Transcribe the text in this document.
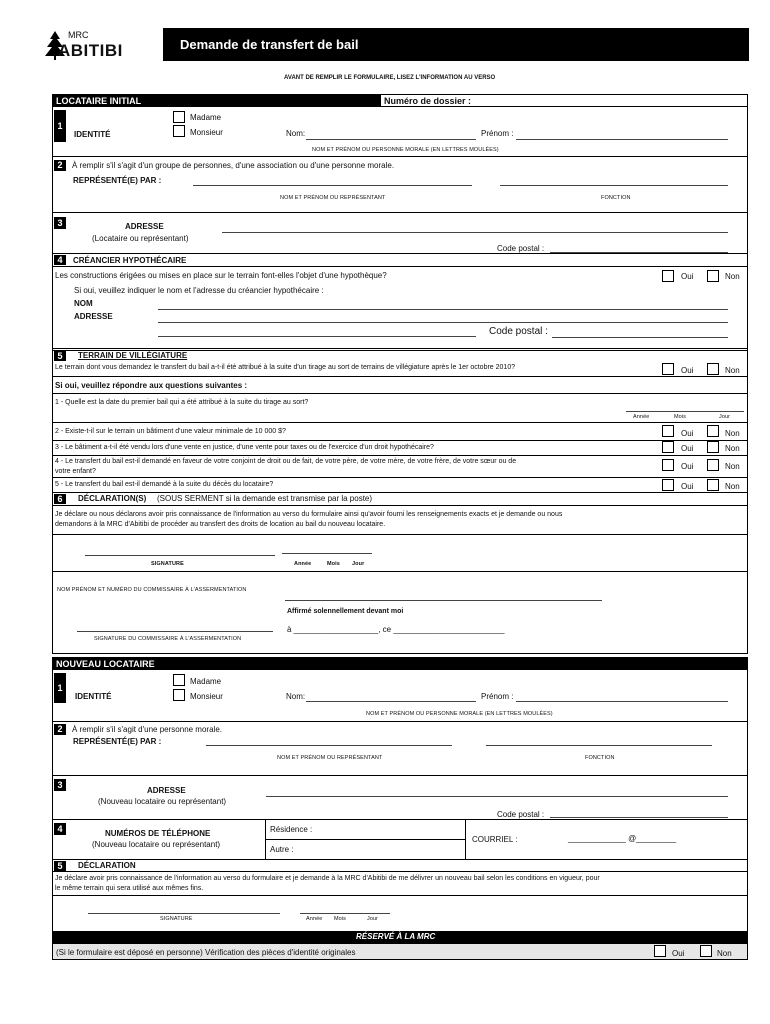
MRC
ABITIBI	Demande de transfert de bail
AVANT DE REMPLIR LE FORMULAIRE, LISEZ L'INFORMATION AU VERSO
LOCATAIRE INITIAL	Numéro de dossier :
1
IDENTITÉ
Madame
Monsieur	Nom:	Prénom :
NOM ET PRÉNOM OU PERSONNE MORALE (EN LETTRES MOULÉES)
2	À remplir s'il s'agit d'un groupe de personnes, d'une association ou d'une personne morale.
REPRÉSENTÉ(E) PAR :
NOM ET PRÉNOM OU REPRÉSENTANT	FONCTION
3	ADRESSE
(Locataire ou représentant)
Code postal :
4	CRÉANCIER HYPOTHÉCAIRE
Les constructions érigées ou mises en place sur le terrain font-elles l'objet d'une hypothèque?	Oui	Non
Si oui, veuillez indiquer le nom et l'adresse du créancier hypothécaire :
NOM
ADRESSE
Code postal :
5	TERRAIN DE VILLÉGIATURE
Le terrain dont vous demandez le transfert du bail a-t-il été attribué à la suite d'un tirage au sort de terrains de villégiature après le 1er octobre 2010?	Oui	Non
Si oui, veuillez répondre aux questions suivantes :
1 - Quelle est la date du premier bail qui a été attribué à la suite du tirage au sort?
Année	Mois	Jour
2 - Existe-t-il sur le terrain un bâtiment d'une valeur minimale de 10 000 $?	Oui	Non
3 - Le bâtiment a-t-il été vendu lors d'une vente en justice, d'une vente pour taxes ou de l'exercice d'un droit hypothécaire?	Oui	Non
4 - Le transfert du bail est-il demandé en faveur de votre conjoint de droit ou de fait, de votre père, de votre mère, de votre frère, de votre sœur ou de
votre enfant?
Oui	Non
5 - Le transfert du bail est-il demandé à la suite du décès du locataire?	Oui	Non
6	DÉCLARATION(S) (SOUS SERMENT si la demande est transmise par la poste)
Je déclare ou nous déclarons avoir pris connaissance de l'information au verso du formulaire ainsi qu'avoir fourni les renseignements exacts et je demande ou nous
demandons à la MRC d'Abitibi de procéder au transfert des droits de location au bail du nouveau locataire.
SIGNATURE	Année	Mois Jour
NOM PRÉNOM ET NUMÉRO DU COMMISSAIRE À L'ASSERMENTATION
Affirmé solennellement devant moi
à ___________________, ce _________________________
SIGNATURE DU COMMISSAIRE À L'ASSERMENTATION
NOUVEAU LOCATAIRE
1
IDENTITÉ
Madame
Monsieur	Nom:	Prénom :
NOM ET PRÉNOM OU PERSONNE MORALE (EN LETTRES MOULÉES)
2	À remplir s'il s'agit d'une personne morale.
REPRÉSENTÉ(E) PAR :
NOM ET PRÉNOM OU REPRÉSENTANT	FONCTION
3
ADRESSE
(Nouveau locataire ou représentant)
Code postal :
4	NUMÉROS DE TÉLÉPHONE
(Nouveau locataire ou représentant)
Résidence :
Autre :
COURRIEL :	_____________ @_________
5	DÉCLARATION
Je déclare avoir pris connaissance de l'information au verso du formulaire et je demande à la MRC d'Abitibi de me délivrer un nouveau bail selon les conditions en vigueur, pour
le même terrain qui sera utilisé aux mêmes fins.
SIGNATURE	Année Mois	Jour
RÉSERVÉ À LA MRC
(Si le formulaire est déposé en personne) Vérification des pièces d'identité originales	Oui	Non
